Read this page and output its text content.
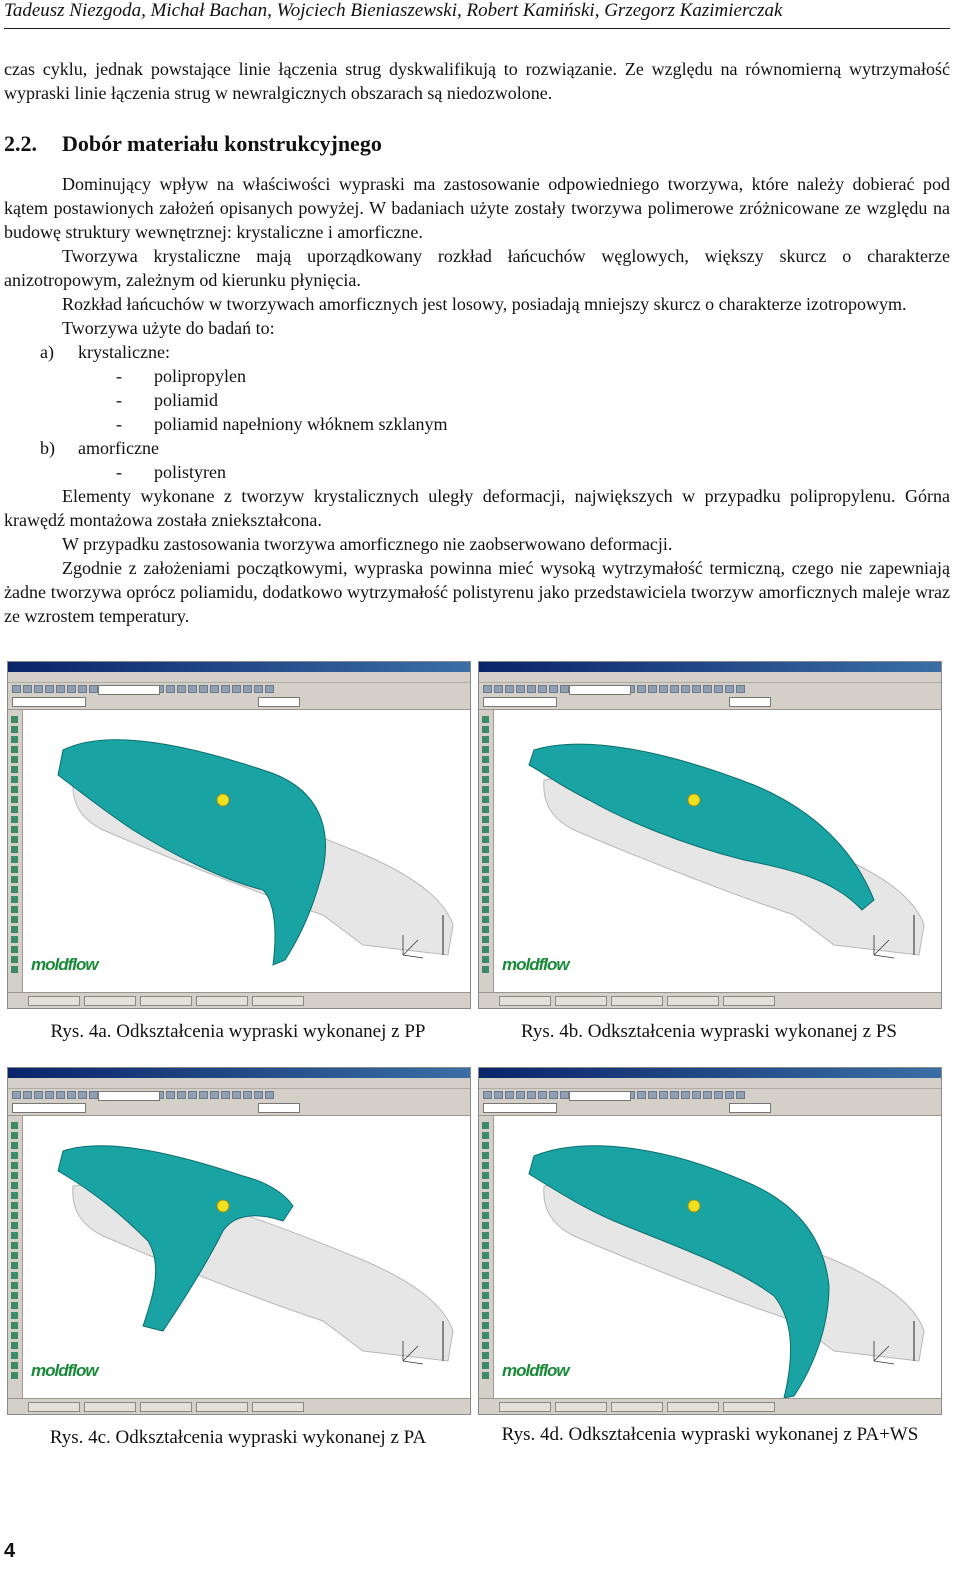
Tadeusz Niezgoda, Michał Bachan, Wojciech Bieniaszewski, Robert Kamiński, Grzegorz Kazimierczak

czas cyklu, jednak powstające linie łączenia strug dyskwalifikują to rozwiązanie. Ze względu na równomierną wytrzymałość wypraski linie łączenia strug w newralgicznych obszarach są niedozwolone.

2.2. Dobór materiału konstrukcyjnego

Dominujący wpływ na właściwości wypraski ma zastosowanie odpowiedniego tworzywa, które należy dobierać pod kątem postawionych założeń opisanych powyżej. W badaniach użyte zostały tworzywa polimerowe zróżnicowane ze względu na budowę struktury wewnętrznej: krystaliczne i amorficzne.

Tworzywa krystaliczne mają uporządkowany rozkład łańcuchów węglowych, większy skurcz o charakterze anizotropowym, zależnym od kierunku płynięcia.

Rozkład łańcuchów w tworzywach amorficznych jest losowy, posiadają mniejszy skurcz o charakterze izotropowym.

Tworzywa użyte do badań to:

a) krystaliczne:
- polipropylen
- poliamid
- poliamid napełniony włóknem szklanym
b) amorficzne
- polistyren

Elementy wykonane z tworzyw krystalicznych uległy deformacji, największych w przypadku polipropylenu. Górna krawędź montażowa została zniekształcona.

W przypadku zastosowania tworzywa amorficznego nie zaobserwowano deformacji.

Zgodnie z założeniami początkowymi, wypraska powinna mieć wysoką wytrzymałość termiczną, czego nie zapewniają żadne tworzywa oprócz poliamidu, dodatkowo wytrzymałość polistyrenu jako przedstawiciela tworzyw amorficznych maleje wraz ze wzrostem temperatury.

moldflow
	moldflow

moldflow
	moldflow
Rys. 4a. Odkształcenia wypraski wykonanej z PP	Rys. 4b. Odkształcenia wypraski wykonanej z PS
Rys. 4c. Odkształcenia wypraski wykonanej z PA	Rys. 4d. Odkształcenia wypraski wykonanej z PA+WS
4
